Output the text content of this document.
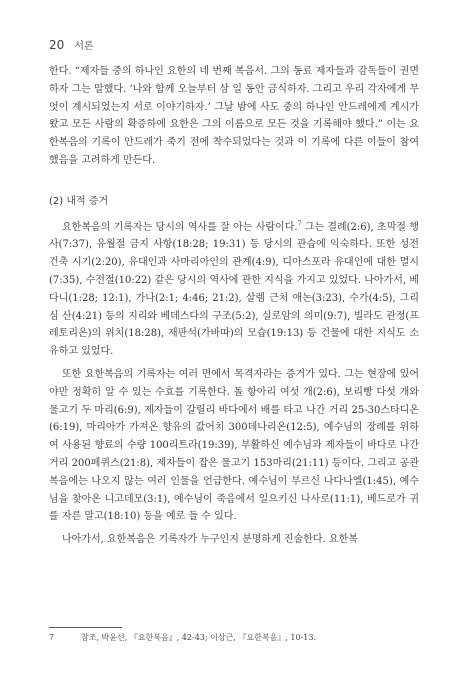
20 서론

한다. “제자들 중의 하나인 요한의 네 번째 복음서. 그의 동료 제자들과 감독들이 권면하자 그는 말했다. ‘나와 함께 오늘부터 삼 일 동안 금식하자. 그리고 우리 각자에게 무엇이 계시되었는지 서로 이야기하자.’ 그날 밤에 사도 중의 하나인 안드레에게 계시가 왔고 모든 사람의 확증하에 요한은 그의 이름으로 모든 것을 기록해야 했다.” 이는 요한복음의 기록이 안드레가 죽기 전에 착수되었다는 것과 이 기록에 다른 이들이 참여했음을 고려하게 만든다.

(2) 내적 증거

요한복음의 기록자는 당시의 역사를 잘 아는 사람이다.$^7$ 그는 결례(2:6), 초막절 행사(7:37), 유월절 금지 사항(18:28; 19:31) 등 당시의 관습에 익숙하다. 또한 성전 건축 시기(2:20), 유대인과 사마리아인의 관계(4:9), 디아스포라 유대인에 대한 멸시(7:35), 수전절(10:22) 같은 당시의 역사에 관한 지식을 가지고 있었다. 나아가서, 베다니(1:28; 12:1), 가나(2:1; 4:46; 21:2), 살렘 근처 애논(3:23), 수가(4:5), 그리심 산(4:21) 등의 지리와 베데스다의 구조(5:2), 실로암의 의미(9:7), 빌라도 관정(프레토리온)의 위치(18:28), 재판석(가바따)의 모습(19:13) 등 건물에 대한 지식도 소유하고 있었다.

또한 요한복음의 기록자는 여러 면에서 목격자라는 증거가 있다. 그는 현장에 있어야만 정확히 알 수 있는 수효를 기록한다. 돌 항아리 여섯 개(2:6), 보리빵 다섯 개와 물고기 두 마리(6:9), 제자들이 갈릴리 바다에서 배를 타고 나간 거리 25-30스타디온(6:19), 마리아가 가져온 향유의 값어치 300데나리온(12:5), 예수님의 장례를 위하여 사용된 향료의 수량 100리트라(19:39), 부활하신 예수님과 제자들이 바다로 나간 거리 200페퀴스(21:8), 제자들이 잡은 물고기 153마리(21:11) 등이다. 그리고 공관복음에는 나오지 않는 여러 인물을 언급한다. 예수님이 부르신 나다나엘(1:45), 예수님을 찾아온 니고데모(3:1), 예수님이 죽음에서 일으키신 나사로(11:1), 베드로가 귀를 자른 말고(18:10) 등을 예로 들 수 있다.

나아가서, 요한복음은 기록자가 누구인지 분명하게 진술한다. 요한복

7	참조, 박윤선, 『요한복음』, 42-43; 이상근, 『요한복음』, 10-13.
